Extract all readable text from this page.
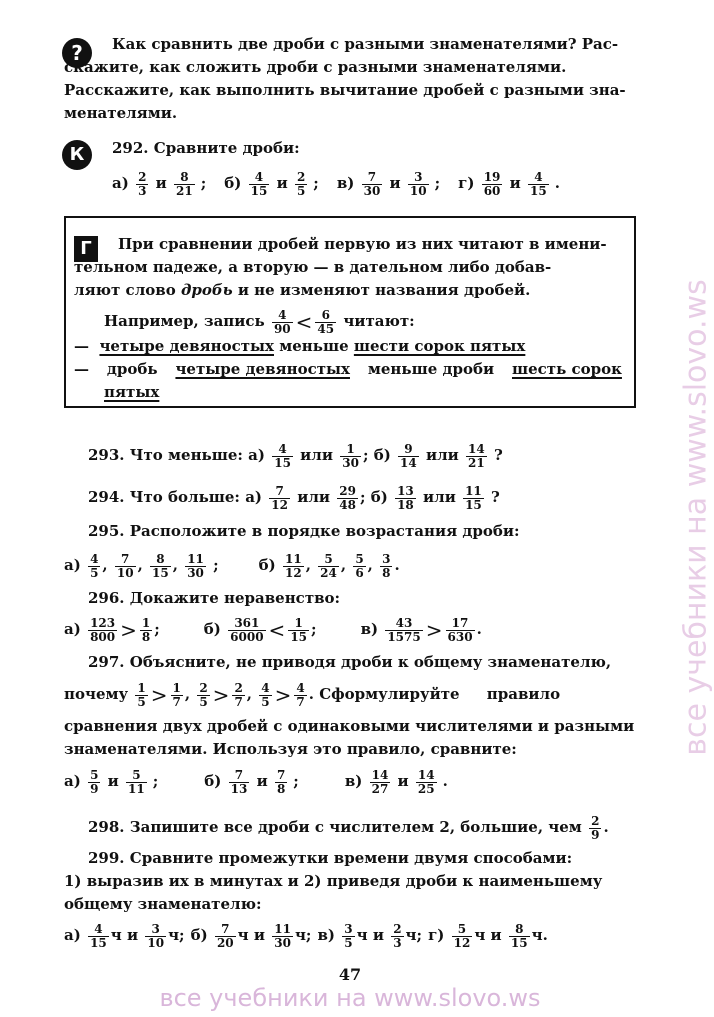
все учебники на www.slovo.ws
?	Как сравнить две дроби с разными знаменателями? Рас-
скажите, как сложить дроби с разными знаменателями.
Расскажите, как выполнить вычитание дробей с разными зна-
менателями.
К	292. Сравните дроби:
$а) \frac{2}{3}$ и $\frac{8}{21}$ ; $б) \frac{4}{15}$ и $\frac{2}{5}$ ; $в) \frac{7}{30}$ и $\frac{3}{10}$ ; $г) \frac{19}{60}$ и $\frac{4}{15}$ .
Г	При сравнении дробей первую из них читают в имени-
тельном падеже, а вторую — в дательном либо добав-
ляют слово дробь и не изменяют названия дробей.
Например, запись $\frac{4}{90} < \frac{6}{45}$ читают:
— четыре девяностых меньше шести сорок пятых
— дробь четыре девяностых меньше дроби шесть сорок
пятых
293. Что меньше: $а) \frac{4}{15}$ или $\frac{1}{30}$ ; $б) \frac{9}{14}$ или $\frac{14}{21}$ ?
294. Что больше: $а) \frac{7}{12}$ или $\frac{29}{48}$ ; $б) \frac{13}{18}$ или $\frac{11}{15}$ ?
295. Расположите в порядке возрастания дроби:
$а) \frac{4}{5}$ , $\frac{7}{10}$ , $\frac{8}{15}$ , $\frac{11}{30}$ ;	$б) \frac{11}{12}$ , $\frac{5}{24}$ , $\frac{5}{6}$ , $\frac{3}{8}$ .
296. Докажите неравенство:
$а) \frac{123}{800} > \frac{1}{8}$ ;	$б) \frac{361}{6000} < \frac{1}{15}$ ;	$в) \frac{43}{1575} > \frac{17}{630}$ .
297. Объясните, не приводя дроби к общему знаменателю,
почему $\frac{1}{5} > \frac{1}{7}$ , $\frac{2}{5} > \frac{2}{7}$ , $\frac{4}{5} > \frac{4}{7}$ . Сформулируйте правило
сравнения двух дробей с одинаковыми числителями и разными
знаменателями. Используя это правило, сравните:
$а) \frac{5}{9}$ и $\frac{5}{11}$ ;	$б) \frac{7}{13}$ и $\frac{7}{8}$ ;	$в) \frac{14}{27}$ и $\frac{14}{25}$ .
298. Запишите все дроби с числителем 2, большие, чем $\frac{2}{9}$ .
299. Сравните промежутки времени двумя способами:
1) выразив их в минутах и 2) приведя дроби к наименьшему
общему знаменателю:
$а) \frac{4}{15}$ ч и $\frac{3}{10} ч$; $б) \frac{7}{20}$ ч и $\frac{11}{30} ч$; $в) \frac{3}{5}$ ч и $\frac{2}{3} ч$; $г) \frac{5}{12}$ ч и $\frac{8}{15} ч$.
47
все учебники на www.slovo.ws
